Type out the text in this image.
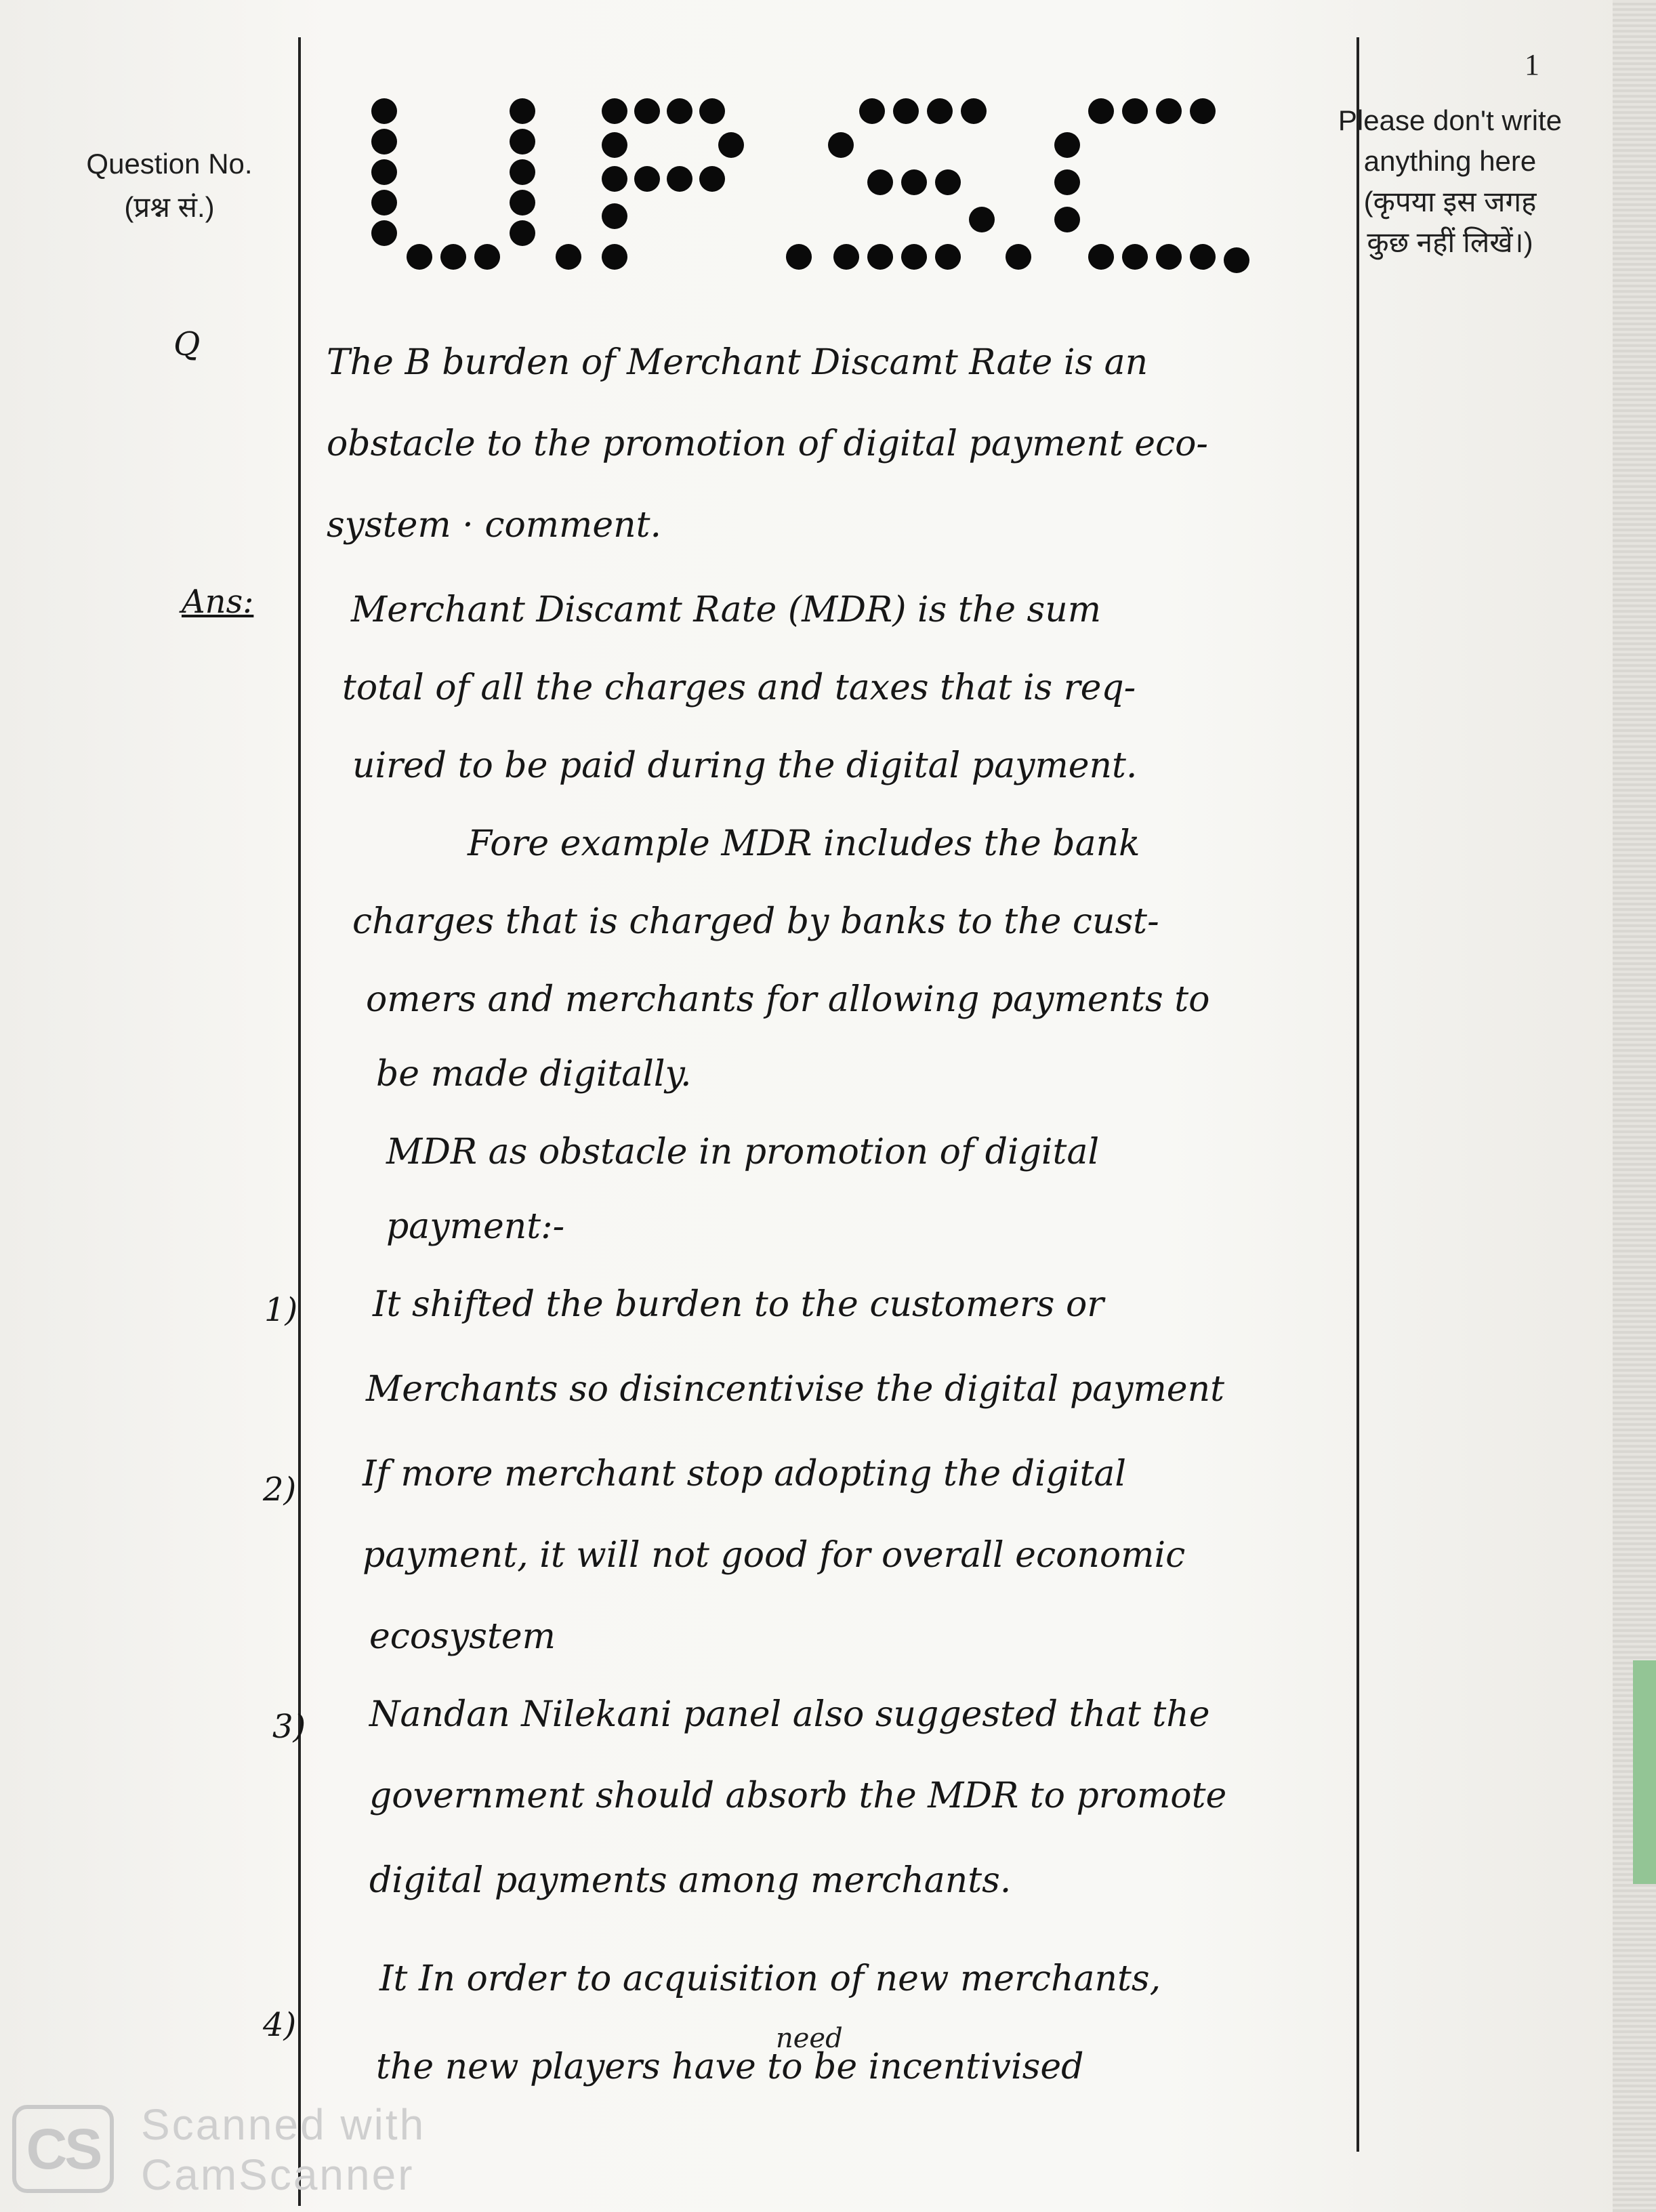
1
Question No.
(प्रश्न सं.)
Please don't write
anything here
(कृपया इस जगह
कुछ नहीं लिखें।)
Q	The B burden of Merchant Discamt Rate is an
obstacle to the promotion of digital payment eco-
system · comment.
Ans:	Merchant Discamt Rate (MDR) is the sum
total of all the charges and taxes that is req-
uired to be paid during the digital payment.
Fore example MDR includes the bank
charges that is charged by banks to the cust-
omers and merchants for allowing payments to
be made digitally.
MDR as obstacle in promotion of digital
payment:-
1) It shifted the burden to the customers or
Merchants so disincentivise the digital payment
2) If more merchant stop adopting the digital
payment, it will not good for overall economic
ecosystem
3) Nandan Nilekani panel also suggested that the
government should absorb the MDR to promote
digital payments among merchants.
4)
It In order to acquisition of new merchants,
need
the new players have to be incentivised
CS Scanned with
CamScanner
